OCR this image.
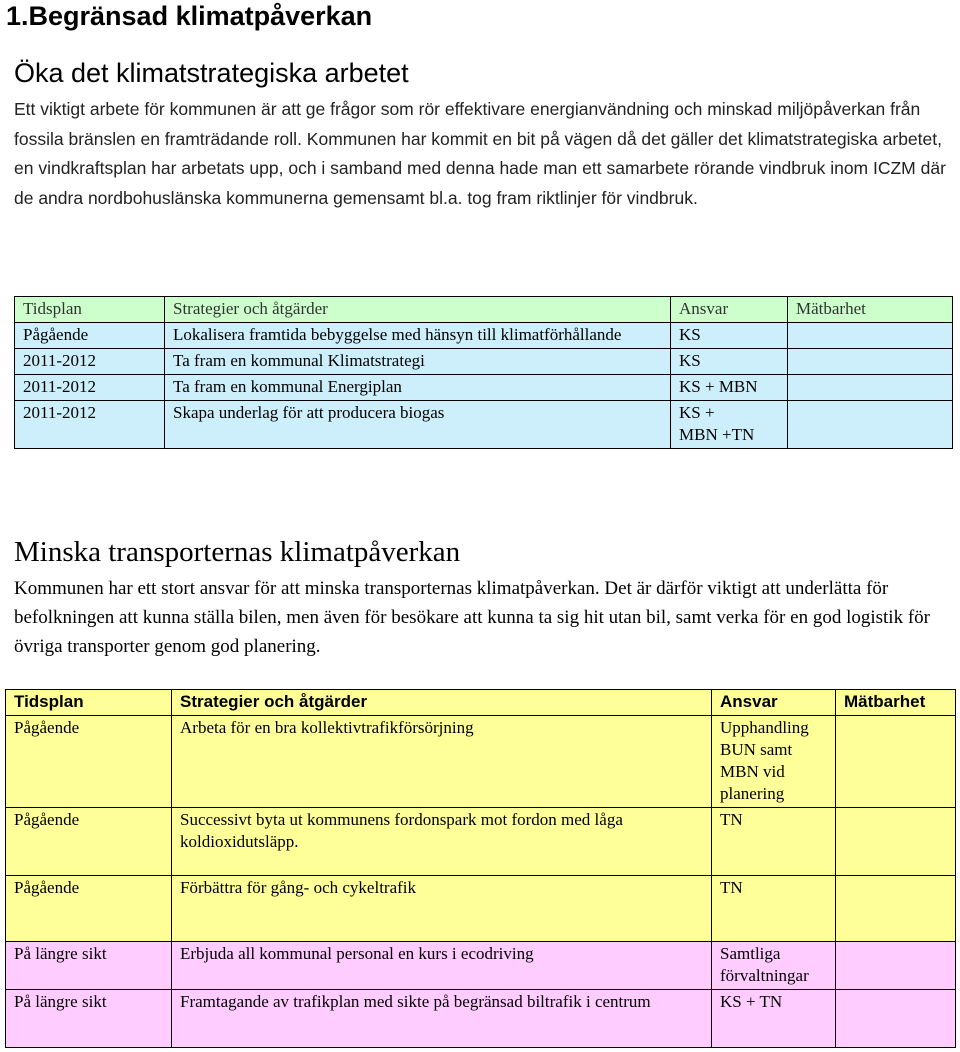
1.Begränsad klimatpåverkan
Öka det klimatstrategiska arbetet

Ett viktigt arbete för kommunen är att ge frågor som rör effektivare energianvändning och minskad miljöpåverkan från fossila bränslen en framträdande roll. Kommunen har kommit en bit på vägen då det gäller det klimatstrategiska arbetet, en vindkraftsplan har arbetats upp, och i samband med denna hade man ett samarbete rörande vindbruk inom ICZM där de andra nordbohuslänska kommunerna gemensamt bl.a. tog fram riktlinjer för vindbruk.

Tidsplan	Strategier och åtgärder	Ansvar	Mätbarhet
Pågående	Lokalisera framtida bebyggelse med hänsyn till klimatförhållande	KS	
2011-2012	Ta fram en kommunal Klimatstrategi	KS	
2011-2012	Ta fram en kommunal Energiplan	KS + MBN	
2011-2012	Skapa underlag för att producera biogas	KS + MBN +TN	
Minska transporternas klimatpåverkan

Kommunen har ett stort ansvar för att minska transporternas klimatpåverkan. Det är därför viktigt att underlätta för befolkningen att kunna ställa bilen, men även för besökare att kunna ta sig hit utan bil, samt verka för en god logistik för övriga transporter genom god planering.

Tidsplan	Strategier och åtgärder	Ansvar	Mätbarhet
Pågående	Arbeta för en bra kollektivtrafikförsörjning	Upphandling BUN samt MBN vid planering	
Pågående	Successivt byta ut kommunens fordonspark mot fordon med låga koldioxidutsläpp.	TN	
Pågående	Förbättra för gång- och cykeltrafik	TN	
På längre sikt	Erbjuda all kommunal personal en kurs i ecodriving	Samtliga förvaltningar	
På längre sikt	Framtagande av trafikplan med sikte på begränsad biltrafik i centrum	KS + TN	
